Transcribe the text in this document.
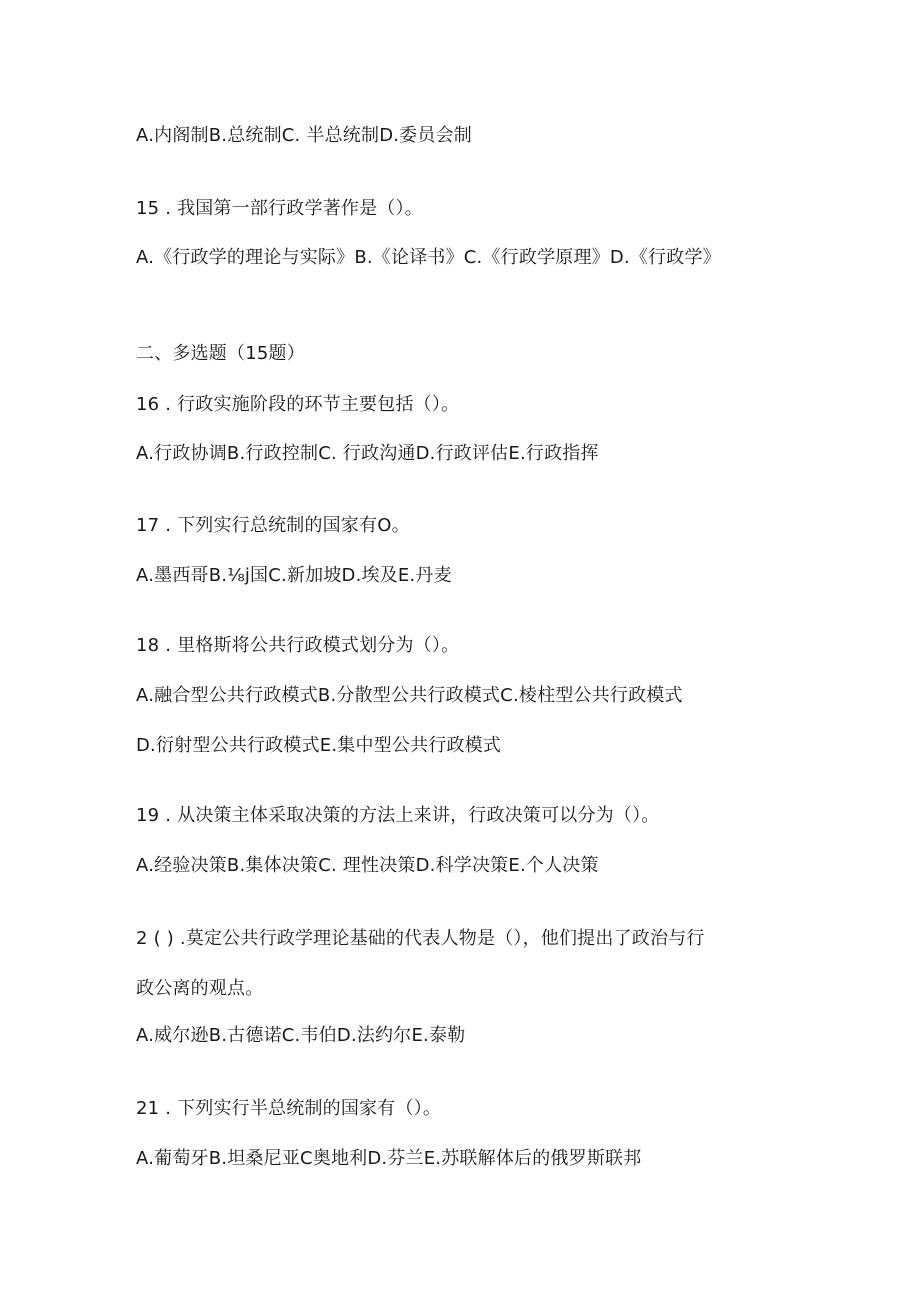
A.内阁制B.总统制C. 半总统制D.委员会制
15 . 我国第一部行政学著作是（）。
A.《行政学的理论与实际》B.《论译书》C.《行政学原理》D.《行政学》
二、多选题（15题）
16 . 行政实施阶段的环节主要包括（）。
A.行政协调B.行政控制C. 行政沟通D.行政评估E.行政指挥
17 . 下列实行总统制的国家有O。
A.墨西哥B.⅛j国C.新加坡D.埃及E.丹麦
18 . 里格斯将公共行政模式划分为（）。
A.融合型公共行政模式B.分散型公共行政模式C.棱柱型公共行政模式
D.衍射型公共行政模式E.集中型公共行政模式
19 . 从决策主体采取决策的方法上来讲，行政决策可以分为（）。
A.经验决策B.集体决策C. 理性决策D.科学决策E.个人决策
2 ( ) .莫定公共行政学理论基础的代表人物是（），他们提出了政治与行
政公离的观点。
A.威尔逊B.古德诺C.韦伯D.法约尔E.泰勒
21 . 下列实行半总统制的国家有（）。
A.葡萄牙B.坦桑尼亚C奥地利D.芬兰E.苏联解体后的俄罗斯联邦
